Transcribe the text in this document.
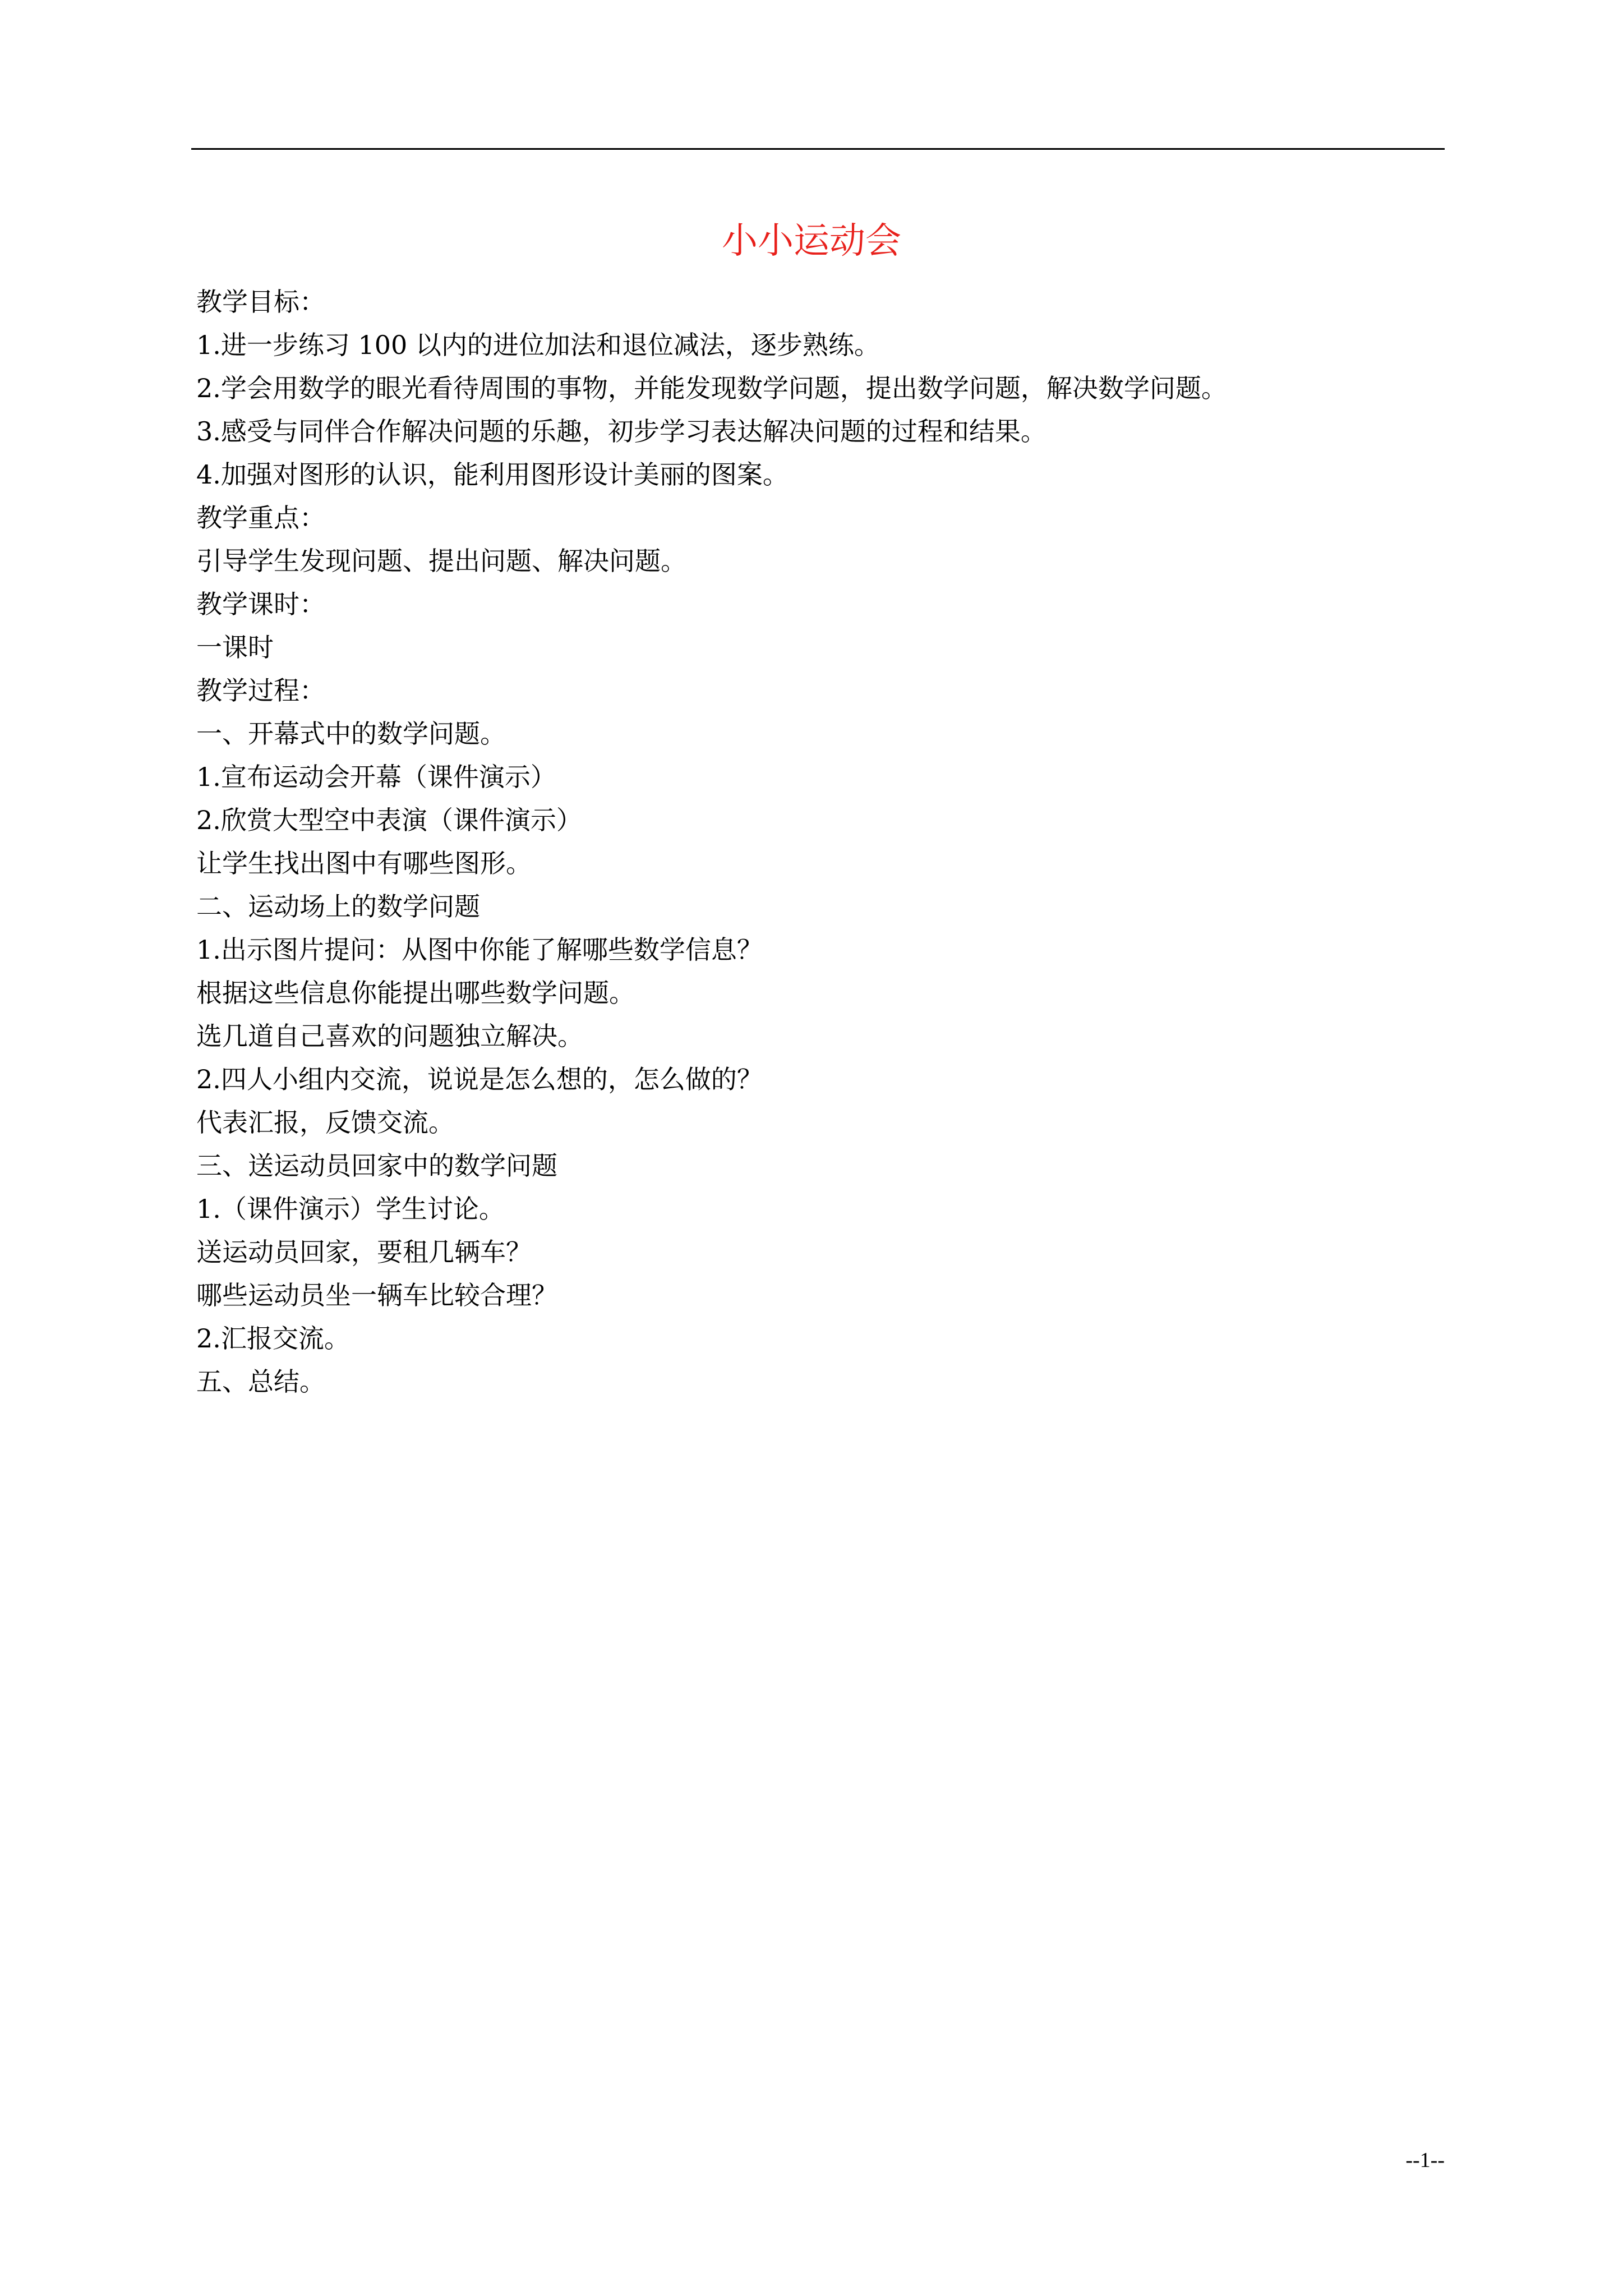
小小运动会
教学目标：
1.进一步练习 100 以内的进位加法和退位减法，逐步熟练。
2.学会用数学的眼光看待周围的事物，并能发现数学问题，提出数学问题，解决数学问题。
3.感受与同伴合作解决问题的乐趣，初步学习表达解决问题的过程和结果。
4.加强对图形的认识，能利用图形设计美丽的图案。
教学重点：
引导学生发现问题、提出问题、解决问题。
教学课时：
一课时
教学过程：
一、开幕式中的数学问题。
1.宣布运动会开幕（课件演示）
2.欣赏大型空中表演（课件演示）
让学生找出图中有哪些图形。
二、运动场上的数学问题
1.出示图片提问：从图中你能了解哪些数学信息？
根据这些信息你能提出哪些数学问题。
选几道自己喜欢的问题独立解决。
2.四人小组内交流，说说是怎么想的，怎么做的？
代表汇报，反馈交流。
三、送运动员回家中的数学问题
1.（课件演示）学生讨论。
送运动员回家，要租几辆车？
哪些运动员坐一辆车比较合理？
2.汇报交流。
五、总结。
--1--
